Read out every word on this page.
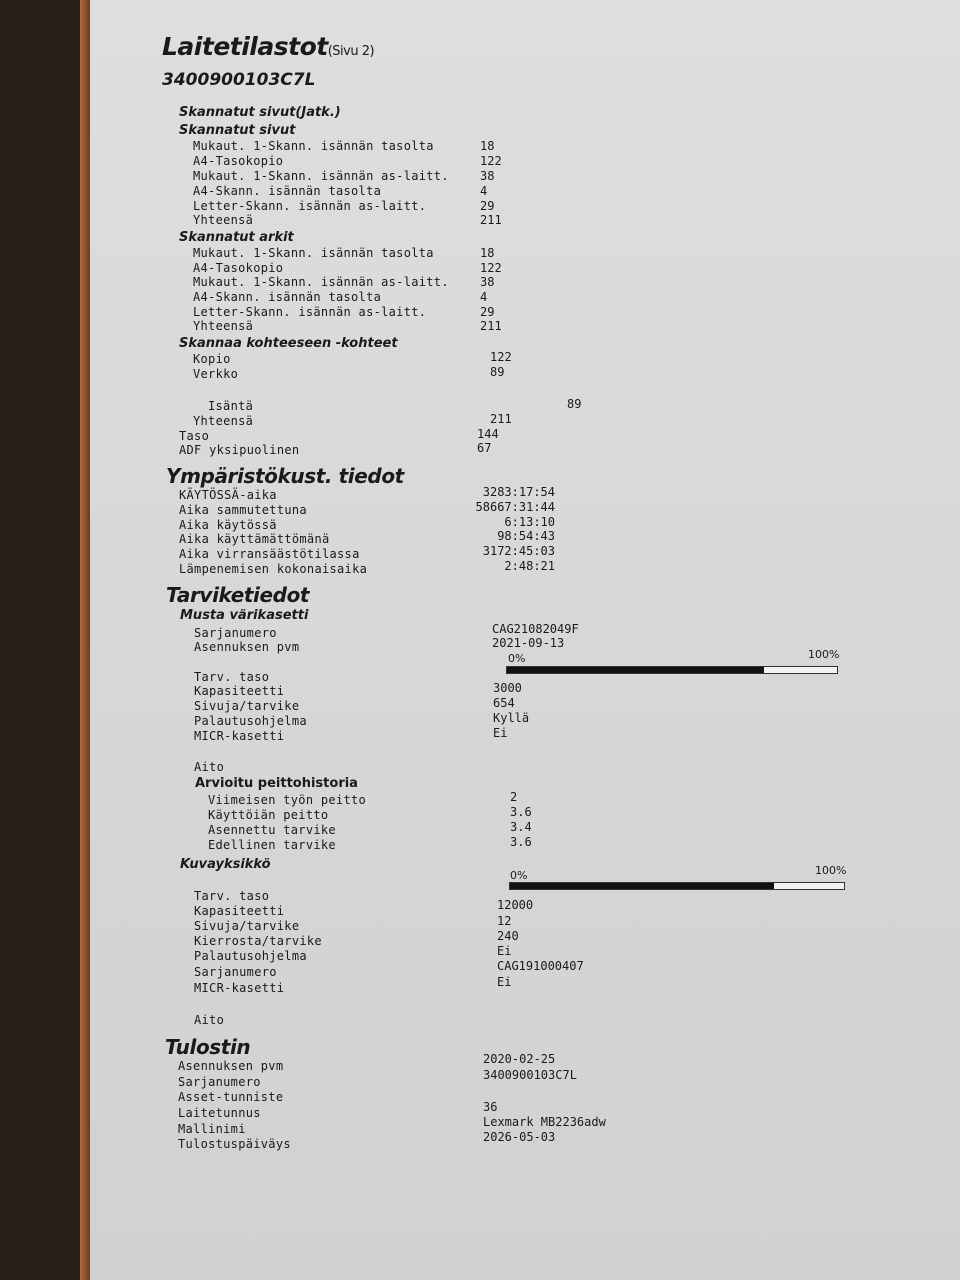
Laitetilastot(Sivu 2)
3400900103C7L
Skannatut sivut(Jatk.)
Skannatut sivut
Mukaut. 1-Skann. isännän tasolta	18
A4-Tasokopio	122
Mukaut. 1-Skann. isännän as-laitt.	38
A4-Skann. isännän tasolta	4
Letter-Skann. isännän as-laitt.	29
Yhteensä	211
Skannatut arkit
Mukaut. 1-Skann. isännän tasolta	18
A4-Tasokopio	122
Mukaut. 1-Skann. isännän as-laitt.	38
A4-Skann. isännän tasolta	4
Letter-Skann. isännän as-laitt.	29
Yhteensä	211
Skannaa kohteeseen -kohteet
Kopio	122
Verkko	89
Isäntä	89
Yhteensä	211
Taso	144
ADF yksipuolinen	67
Ympäristökust. tiedot
KÄYTÖSSÄ-aika	3283:17:54
Aika sammutettuna	58667:31:44
Aika käytössä	6:13:10
Aika käyttämättömänä	98:54:43
Aika virransäästötilassa	3172:45:03
Lämpenemisen kokonaisaika	2:48:21
Tarviketiedot
Musta värikasetti
Sarjanumero	CAG21082049F
Asennuksen pvm	2021-09-13
0%	100%
Tarv. taso
Kapasiteetti	3000
Sivuja/tarvike	654
Palautusohjelma	Kyllä
MICR-kasetti	Ei
Aito
Arvioitu peittohistoria
Viimeisen työn peitto	2
Käyttöiän peitto	3.6
Asennettu tarvike	3.4
Edellinen tarvike	3.6
Kuvayksikkö
0%	100%
Tarv. taso
Kapasiteetti	12000
Sivuja/tarvike	12
Kierrosta/tarvike	240
Palautusohjelma	Ei
Sarjanumero	CAG191000407
MICR-kasetti	Ei
Aito
Tulostin
Asennuksen pvm	2020-02-25
Sarjanumero	3400900103C7L
Asset-tunniste
Laitetunnus	36
Mallinimi	Lexmark MB2236adw
Tulostuspäiväys	2026-05-03
